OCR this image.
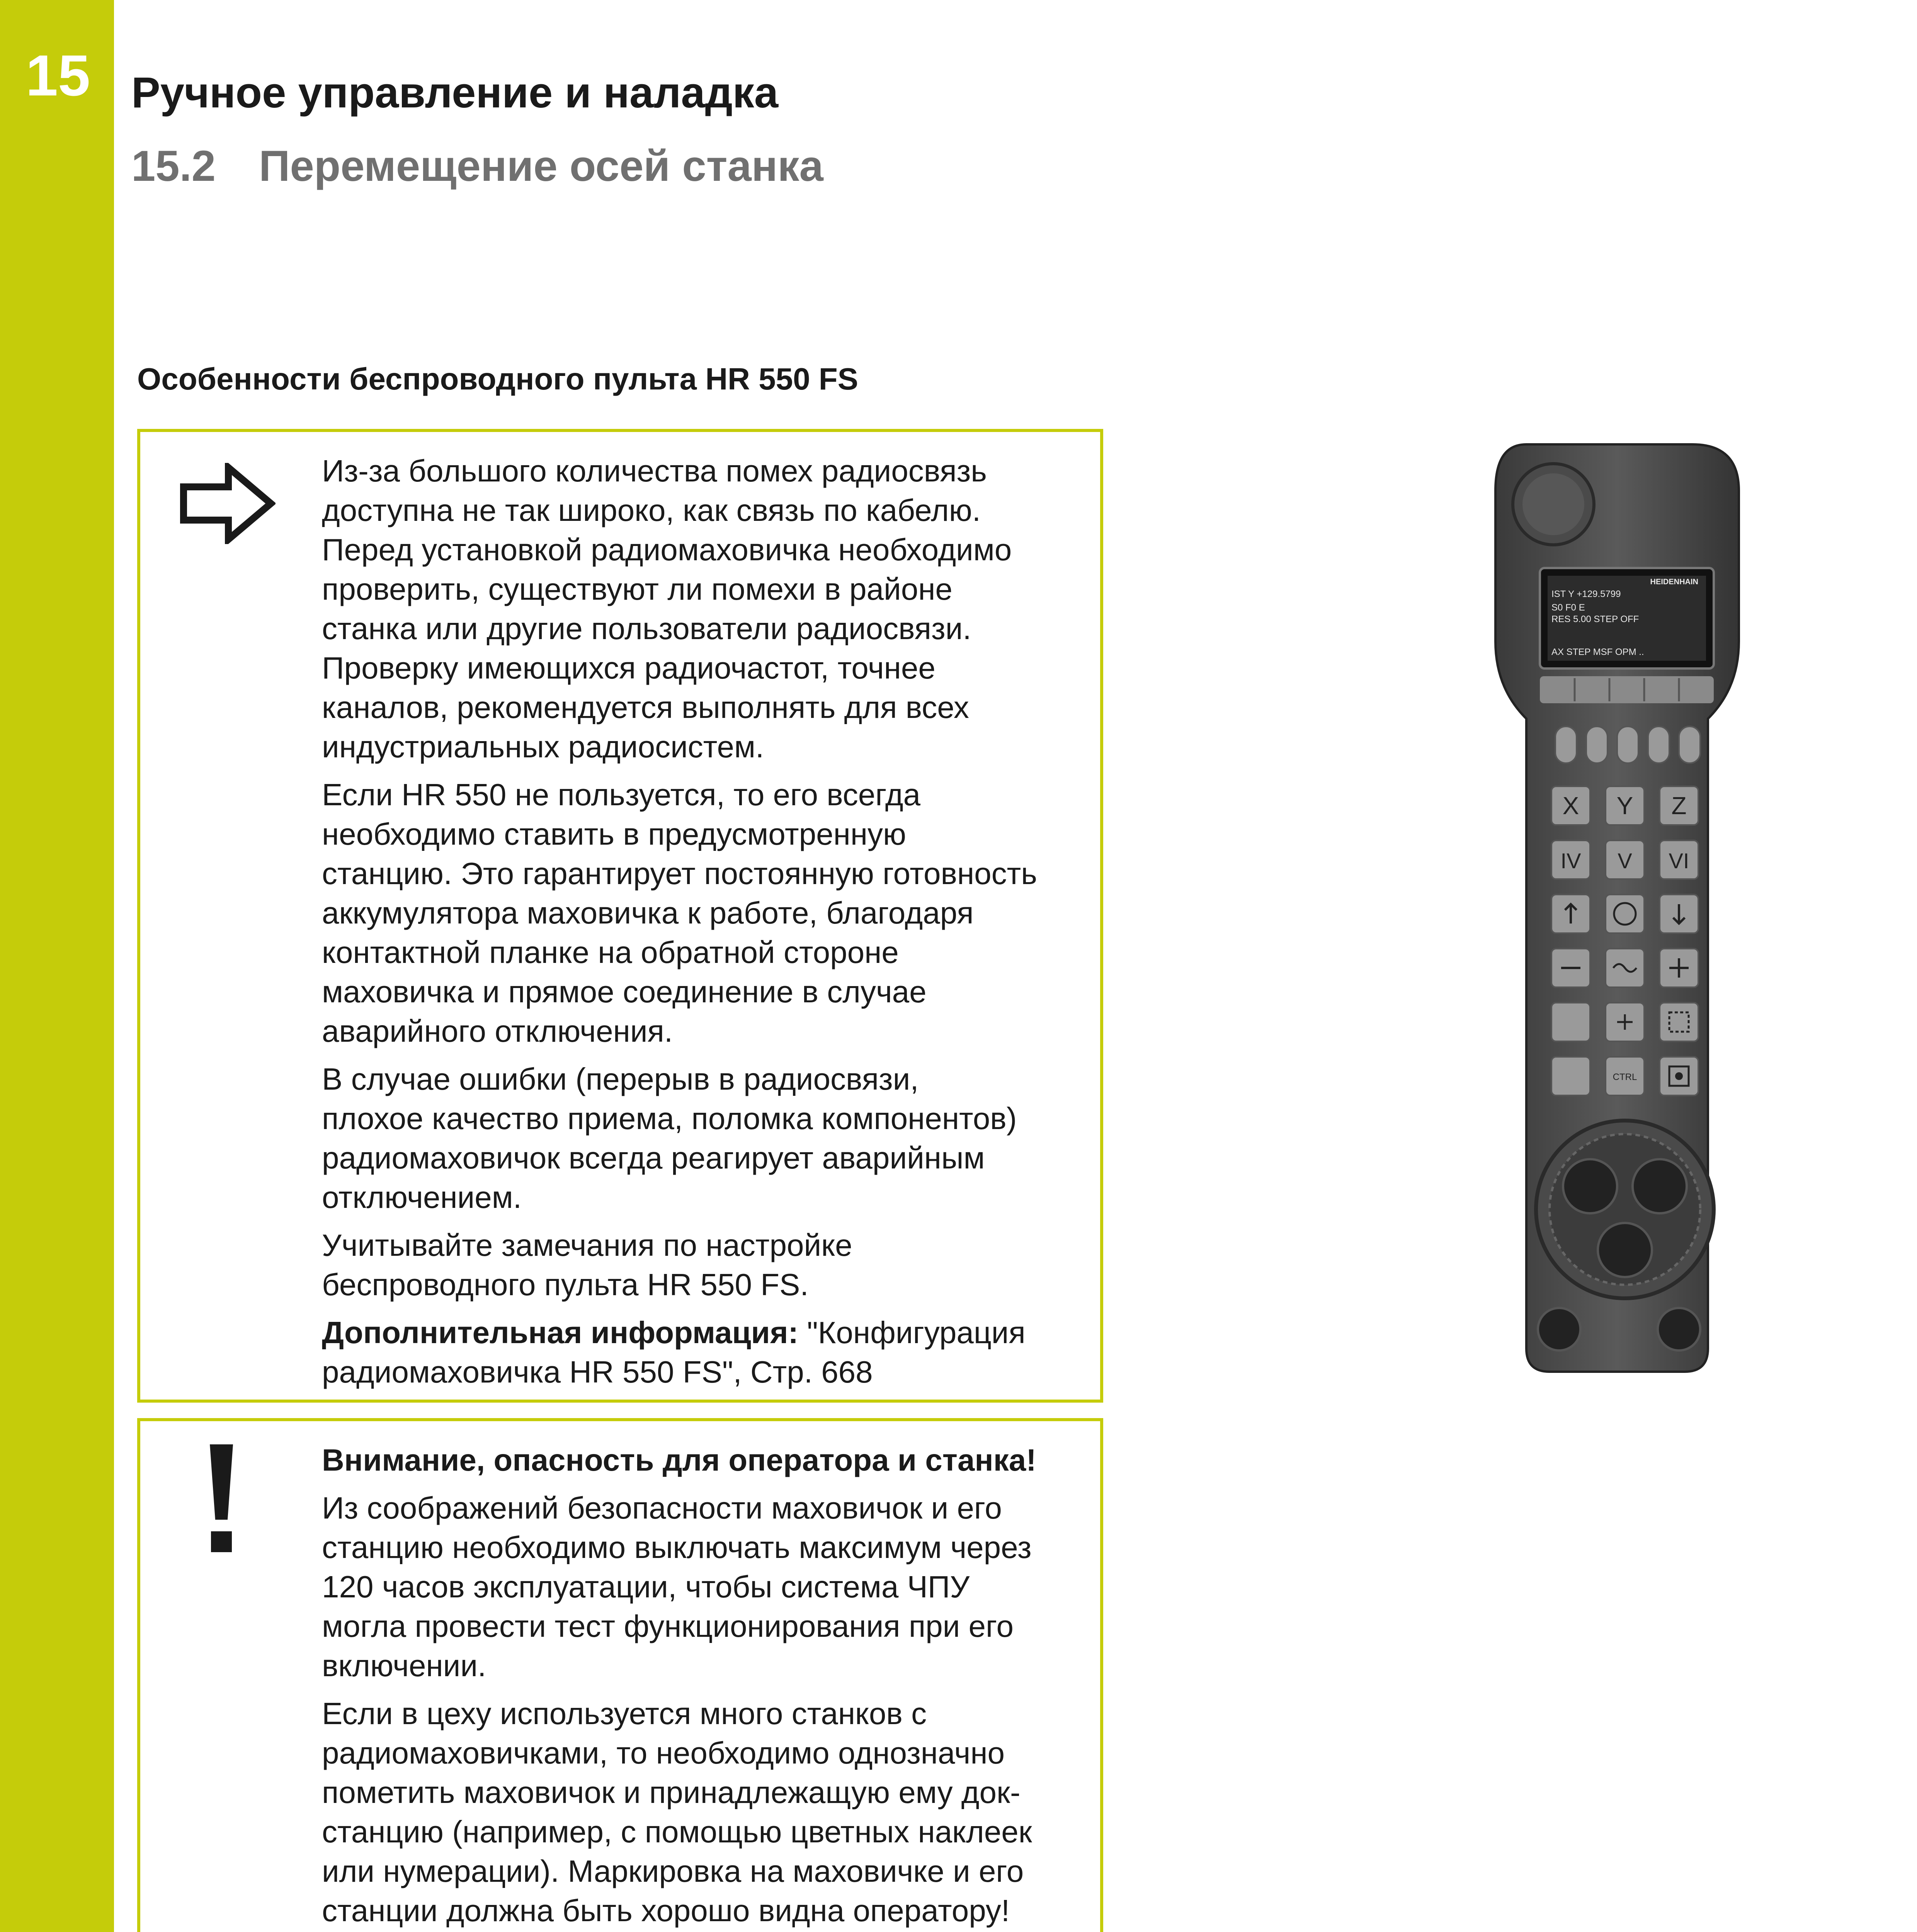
15 Ручное управление и наладка
15.2 Перемещение осей станка
Особенности беспроводного пульта HR 550 FS

Из-за большого количества помех радиосвязь
доступна не так широко, как связь по кабелю.
Перед установкой радиомаховичка необходимо
проверить, существуют ли помехи в районе
станка или другие пользователи радиосвязи.
Проверку имеющихся радиочастот, точнее
каналов, рекомендуется выполнять для всех
индустриальных радиосистем.

Если HR 550 не пользуется, то его всегда
необходимо ставить в предусмотренную
станцию. Это гарантирует постоянную готовность
аккумулятора маховичка к работе, благодаря
контактной планке на обратной стороне
маховичка и прямое соединение в случае
аварийного отключения.

В случае ошибки (перерыв в радиосвязи,
плохое качество приема, поломка компонентов)
радиомаховичок всегда реагирует аварийным
отключением.

Учитывайте замечания по настройке
беспроводного пульта HR 550 FS.

Дополнительная информация: "Конфигурация
радиомаховичка HR 550 FS", Стр. 668

Внимание, опасность для оператора и станка!

Из соображений безопасности маховичок и его
станцию необходимо выключать максимум через
120 часов эксплуатации, чтобы система ЧПУ
могла провести тест функционирования при его
включении.

Если в цеху используется много станков с
радиомаховичками, то необходимо однозначно
пометить маховичок и принадлежащую ему док-
станцию (например, с помощью цветных наклеек
или нумерации). Маркировка на маховичке и его
станции должна быть хорошо видна оператору!

HEIDENHAIN
IST Y +129.5799
S0 F0 E
RES 5.00 STEP OFF
AX STEP MSF OPM ..
X Y Z
IV V VI
CTRL
